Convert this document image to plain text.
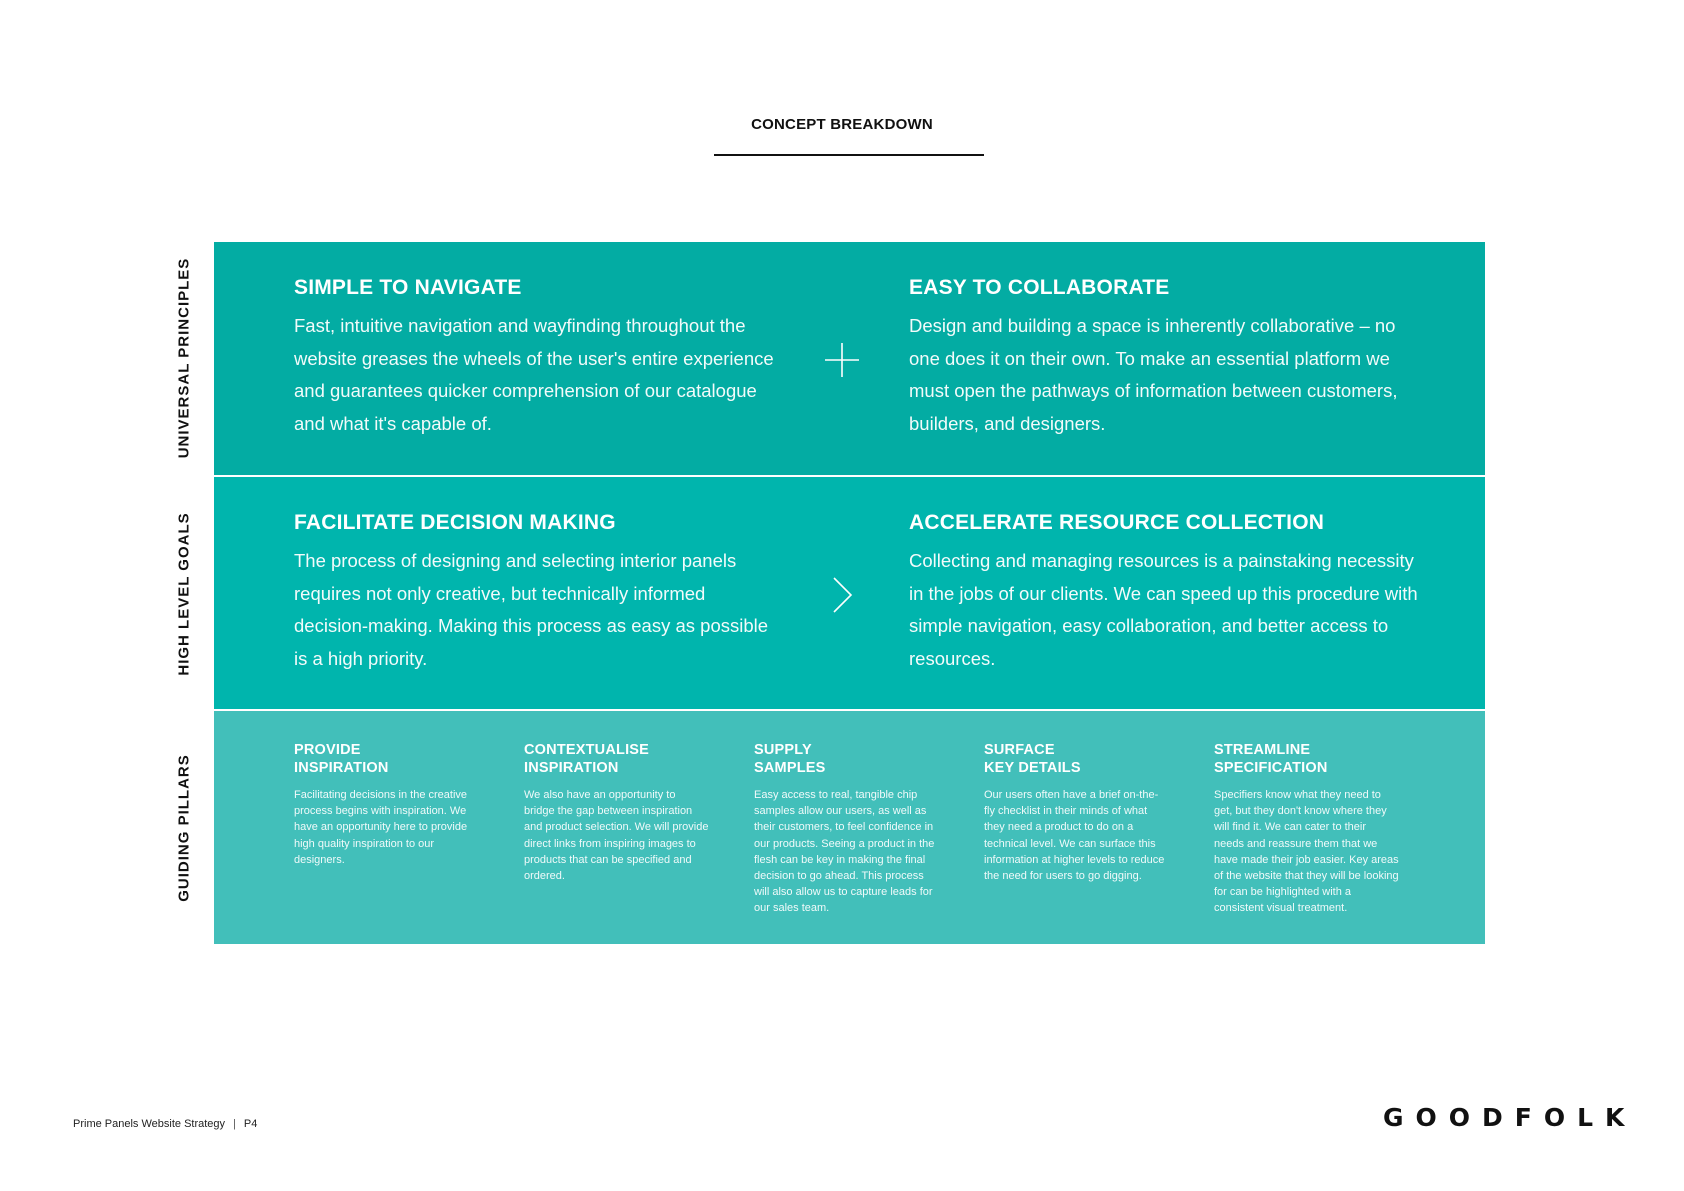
CONCEPT BREAKDOWN
UNIVERSAL PRINCIPLES
HIGH LEVEL GOALS
GUIDING PILLARS
SIMPLE TO NAVIGATE

Fast, intuitive navigation and wayfinding throughout the website greases the wheels of the user's entire experience and guarantees quicker comprehension of our catalogue and what it's capable of.

EASY TO COLLABORATE

Design and building a space is inherently collaborative – no one does it on their own. To make an essential platform we must open the pathways of information between customers, builders, and designers.

FACILITATE DECISION MAKING

The process of designing and selecting interior panels requires not only creative, but technically informed decision-making. Making this process as easy as possible is a high priority.

ACCELERATE RESOURCE COLLECTION

Collecting and managing resources is a painstaking necessity in the jobs of our clients. We can speed up this procedure with simple navigation, easy collaboration, and better access to resources.

PROVIDE
INSPIRATION

Facilitating decisions in the creative process begins with inspiration. We have an opportunity here to provide high quality inspiration to our designers.

CONTEXTUALISE
INSPIRATION

We also have an opportunity to bridge the gap between inspiration and product selection. We will provide direct links from inspiring images to products that can be specified and ordered.

SUPPLY
SAMPLES

Easy access to real, tangible chip samples allow our users, as well as their customers, to feel confidence in our products. Seeing a product in the flesh can be key in making the final decision to go ahead. This process will also allow us to capture leads for our sales team.

SURFACE
KEY DETAILS

Our users often have a brief on-the-fly checklist in their minds of what they need a product to do on a technical level. We can surface this information at higher levels to reduce the need for users to go digging.

STREAMLINE
SPECIFICATION

Specifiers know what they need to get, but they don't know where they will find it. We can cater to their needs and reassure them that we have made their job easier. Key areas of the website that they will be looking for can be highlighted with a consistent visual treatment.

Prime Panels Website Strategy | P4	GOODFOLK
